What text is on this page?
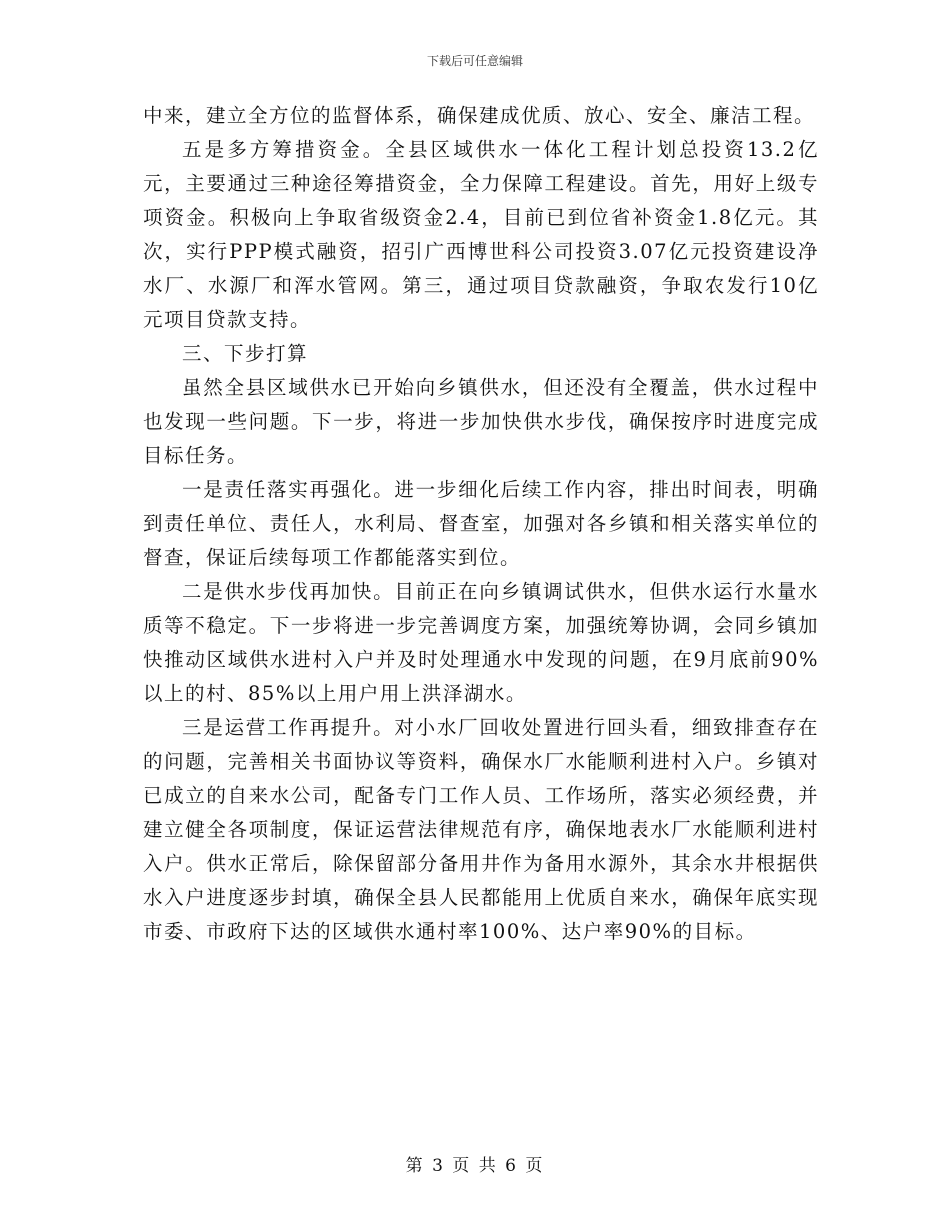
下载后可任意编辑

中来，建立全方位的监督体系，确保建成优质、放心、安全、廉洁工程。

五是多方筹措资金。全县区域供水一体化工程计划总投资13.2亿元，主要通过三种途径筹措资金，全力保障工程建设。首先，用好上级专项资金。积极向上争取省级资金2.4，目前已到位省补资金1.8亿元。其次，实行PPP模式融资，招引广西博世科公司投资3.07亿元投资建设净水厂、水源厂和浑水管网。第三，通过项目贷款融资，争取农发行10亿元项目贷款支持。

三、下步打算

虽然全县区域供水已开始向乡镇供水，但还没有全覆盖，供水过程中也发现一些问题。下一步，将进一步加快供水步伐，确保按序时进度完成目标任务。

一是责任落实再强化。进一步细化后续工作内容，排出时间表，明确到责任单位、责任人，水利局、督查室，加强对各乡镇和相关落实单位的督查，保证后续每项工作都能落实到位。

二是供水步伐再加快。目前正在向乡镇调试供水，但供水运行水量水质等不稳定。下一步将进一步完善调度方案，加强统筹协调，会同乡镇加快推动区域供水进村入户并及时处理通水中发现的问题，在9月底前90%以上的村、85%以上用户用上洪泽湖水。

三是运营工作再提升。对小水厂回收处置进行回头看，细致排查存在的问题，完善相关书面协议等资料，确保水厂水能顺利进村入户。乡镇对已成立的自来水公司，配备专门工作人员、工作场所，落实必须经费，并建立健全各项制度，保证运营法律规范有序，确保地表水厂水能顺利进村入户。供水正常后，除保留部分备用井作为备用水源外，其余水井根据供水入户进度逐步封填，确保全县人民都能用上优质自来水，确保年底实现市委、市政府下达的区域供水通村率100%、达户率90%的目标。

第 3 页 共 6 页
